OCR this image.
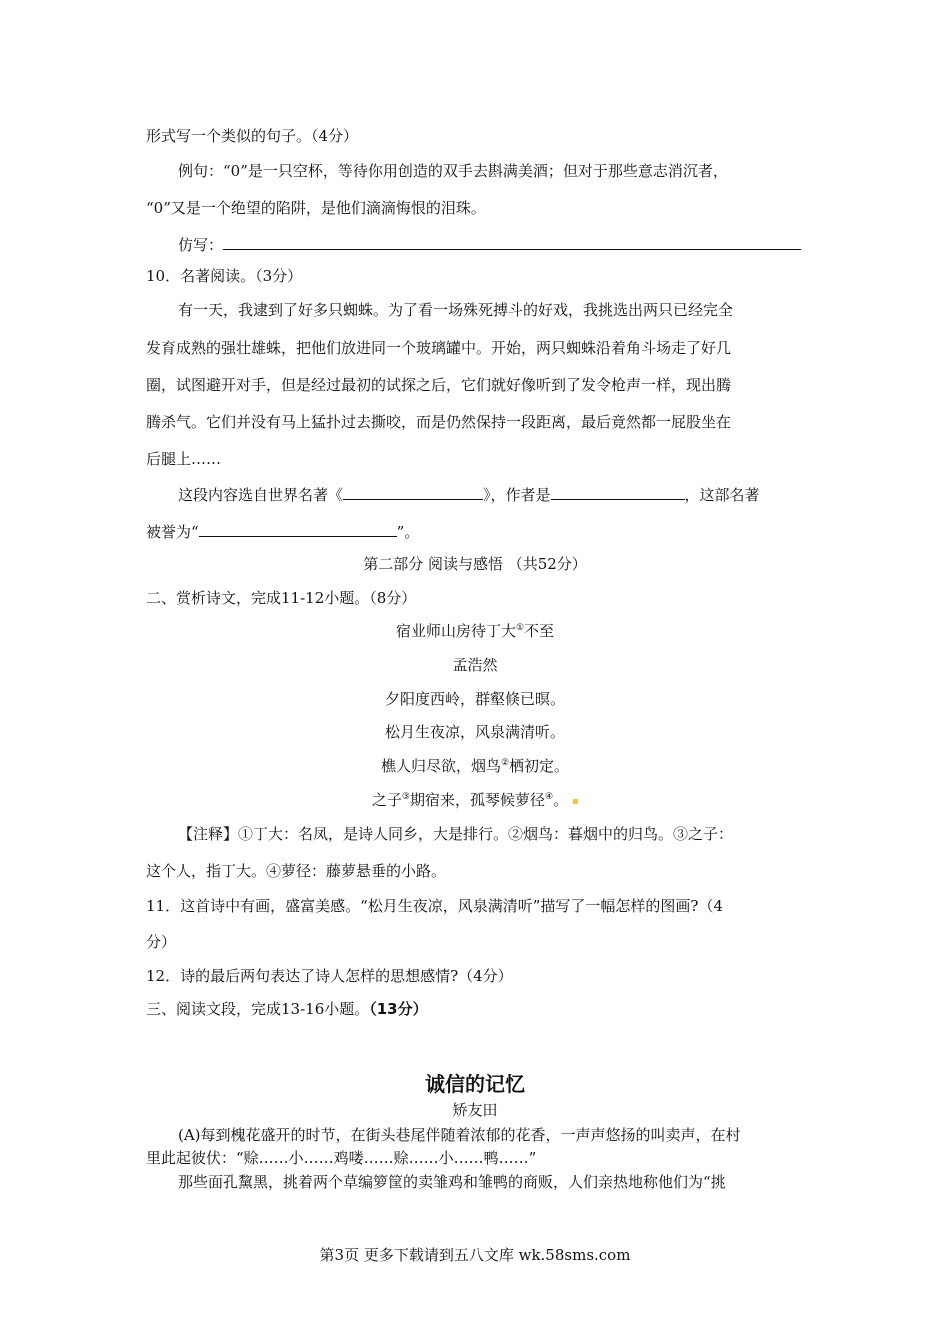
形式写一个类似的句子。（4分）
例句：“0”是一只空杯，等待你用创造的双手去斟满美酒；但对于那些意志消沉者，
“0”又是一个绝望的陷阱，是他们滴滴悔恨的泪珠。
仿写：
10．名著阅读。（3分）
有一天，我逮到了好多只蜘蛛。为了看一场殊死搏斗的好戏，我挑选出两只已经完全
发育成熟的强壮雄蛛，把他们放进同一个玻璃罐中。开始，两只蜘蛛沿着角斗场走了好几
圈，试图避开对手，但是经过最初的试探之后，它们就好像听到了发令枪声一样，现出腾
腾杀气。它们并没有马上猛扑过去撕咬，而是仍然保持一段距离，最后竟然都一屁股坐在
后腿上……
这段内容选自世界名著《	》，作者是	，这部名著
被誉为“	”。
第二部分 阅读与感悟 （共52分）
二、赏析诗文，完成11-12小题。（8分）
宿业师山房待丁大①不至
孟浩然
夕阳度西岭，群壑倏已暝。
松月生夜凉，风泉满清听。
樵人归尽欲，烟鸟②栖初定。
之子③期宿来，孤琴候萝径④。
【注释】①丁大：名凤，是诗人同乡，大是排行。②烟鸟：暮烟中的归鸟。③之子：
这个人，指丁大。④萝径：藤萝悬垂的小路。
11．这首诗中有画，盛富美感。“松月生夜凉，风泉满清听”描写了一幅怎样的图画?（4
分）
12．诗的最后两句表达了诗人怎样的思想感情?（4分）
三、阅读文段，完成13-16小题。（13分）
诚信的记忆
矫友田
(A)每到槐花盛开的时节，在街头巷尾伴随着浓郁的花香，一声声悠扬的叫卖声，在村
里此起彼伏：“赊……小……鸡喽……赊……小……鸭……”
那些面孔黧黑，挑着两个草编箩筐的卖雏鸡和雏鸭的商贩，人们亲热地称他们为“挑
第3页 更多下载请到五八文库 wk.58sms.com
